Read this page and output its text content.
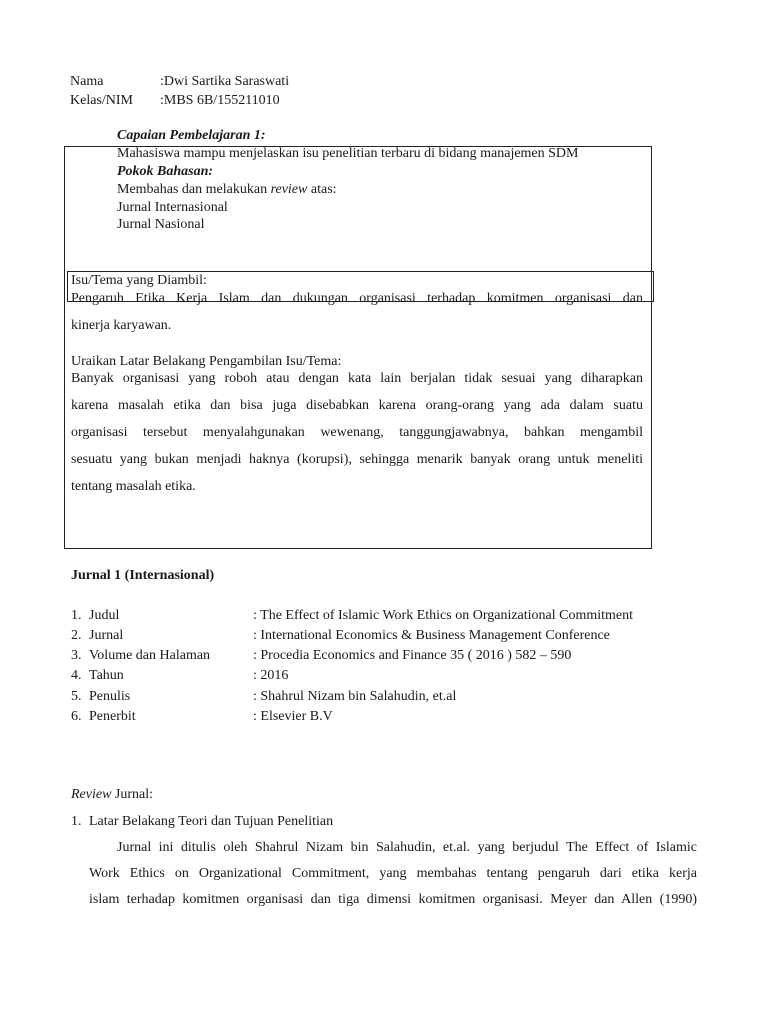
Nama	:Dwi Sartika Saraswati
Kelas/NIM :MBS 6B/155211010
Capaian Pembelajaran 1:
Mahasiswa mampu menjelaskan isu penelitian terbaru di bidang manajemen SDM
Pokok Bahasan:
Membahas dan melakukan review atas:
Jurnal Internasional
Jurnal Nasional
Isu/Tema yang Diambil:
Pengaruh Etika Kerja Islam dan dukungan organisasi terhadap komitmen organisasi dan
kinerja karyawan.
Uraikan Latar Belakang Pengambilan Isu/Tema:
Banyak organisasi yang roboh atau dengan kata lain berjalan tidak sesuai yang diharapkan
karena masalah etika dan bisa juga disebabkan karena orang-orang yang ada dalam suatu
organisasi tersebut menyalahgunakan wewenang, tanggungjawabnya, bahkan mengambil
sesuatu yang bukan menjadi haknya (korupsi), sehingga menarik banyak orang untuk meneliti
tentang masalah etika.
Jurnal 1 (Internasional)
1. Judul	: The Effect of Islamic Work Ethics on Organizational Commitment
2. Jurnal	: International Economics & Business Management Conference
3. Volume dan Halaman	: Procedia Economics and Finance 35 ( 2016 ) 582 – 590
4. Tahun	: 2016
5. Penulis	: Shahrul Nizam bin Salahudin, et.al
6. Penerbit	: Elsevier B.V
Review Jurnal:
1. Latar Belakang Teori dan Tujuan Penelitian
Jurnal ini ditulis oleh Shahrul Nizam bin Salahudin, et.al. yang berjudul The Effect of Islamic
Work Ethics on Organizational Commitment, yang membahas tentang pengaruh dari etika kerja
islam terhadap komitmen organisasi dan tiga dimensi komitmen organisasi. Meyer dan Allen (1990)
